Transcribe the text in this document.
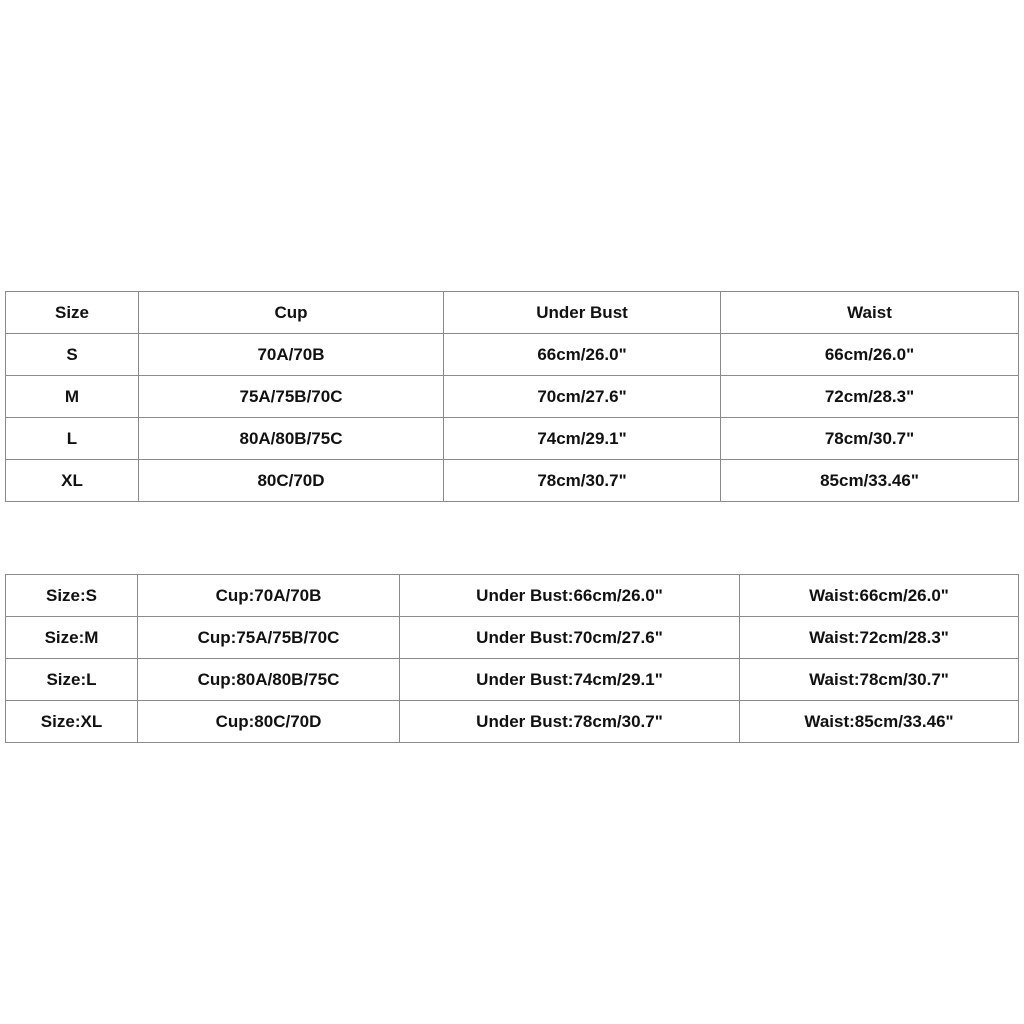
Size	Cup	Under Bust	Waist
S	70A/70B	66cm/26.0"	66cm/26.0"
M	75A/75B/70C	70cm/27.6"	72cm/28.3"
L	80A/80B/75C	74cm/29.1"	78cm/30.7"
XL	80C/70D	78cm/30.7"	85cm/33.46"
Size:S	Cup:70A/70B	Under Bust:66cm/26.0"	Waist:66cm/26.0"
Size:M	Cup:75A/75B/70C	Under Bust:70cm/27.6"	Waist:72cm/28.3"
Size:L	Cup:80A/80B/75C	Under Bust:74cm/29.1"	Waist:78cm/30.7"
Size:XL	Cup:80C/70D	Under Bust:78cm/30.7"	Waist:85cm/33.46"
